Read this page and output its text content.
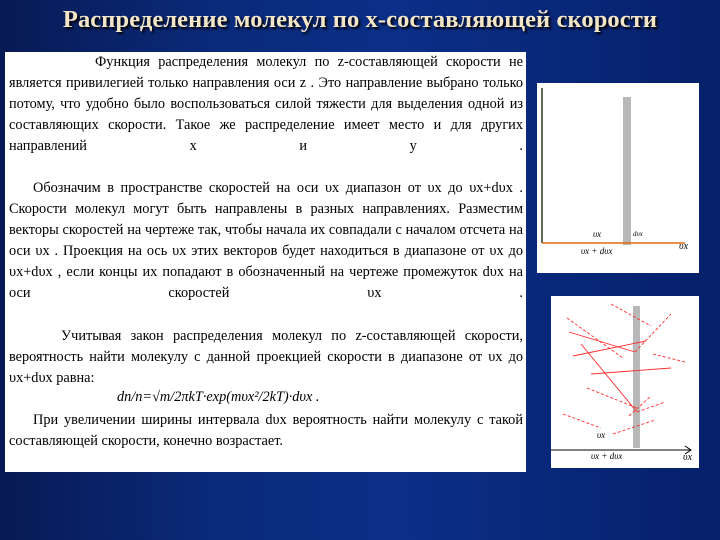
Распределение молекул по x-составляющей скорости

Функция распределения молекул по z-составляющей скорости не является привилегией только направления оси z . Это направление выбрано только потому, что удобно было воспользоваться силой тяжести для выделения одной из составляющих скорости. Такое же распределение имеет место и для других направлений x и y .

Обозначим в пространстве скоростей на оси υx диапазон от υx до υx+dυx . Скорости молекул могут быть направлены в разных направлениях. Разместим векторы скоростей на чертеже так, чтобы начала их совпадали с началом отсчета на оси υx . Проекция на ось υx этих векторов будет находиться в диапазоне от υx до υx+dυx , если концы их попадают в обозначенный на чертеже промежуток dυx на оси скоростей υx .

Учитывая закон распределения молекул по z-составляющей скорости, вероятность найти молекулу с данной проекцией скорости в диапазоне от υx до υx+dυx равна:

dn/n=√m/2πkT·exp(mυx²/2kT)·dυx .

При увеличении ширины интервала dυx вероятность найти молекулу с такой составляющей скорости, конечно возрастает.

υx	dυx
υx + dυx	υx
υx
υx + dυx	υx
